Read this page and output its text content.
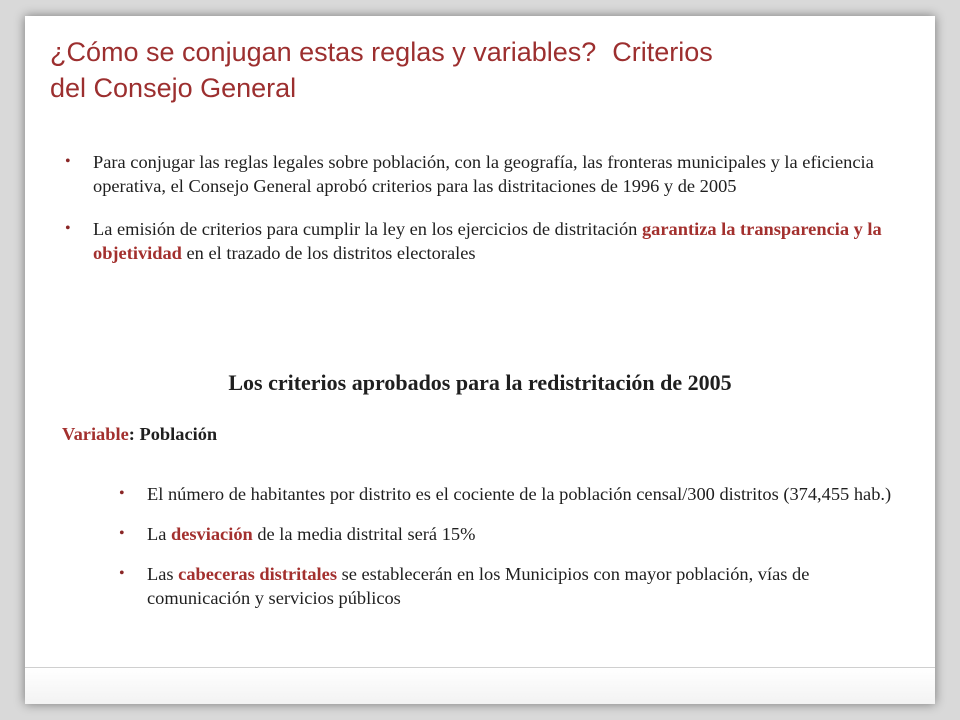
¿Cómo se conjugan estas reglas y variables? Criterios
del Consejo General
• Para conjugar las reglas legales sobre población, con la geografía, las fronteras municipales y la eficiencia operativa, el Consejo General aprobó criterios para las distritaciones de 1996 y de 2005
• La emisión de criterios para cumplir la ley en los ejercicios de distritación garantiza la transparencia y la objetividad en el trazado de los distritos electorales
Los criterios aprobados para la redistritación de 2005
Variable: Población
• El número de habitantes por distrito es el cociente de la población censal/300 distritos (374,455 hab.)
• La desviación de la media distrital será 15%
• Las cabeceras distritales se establecerán en los Municipios con mayor población, vías de comunicación y servicios públicos
